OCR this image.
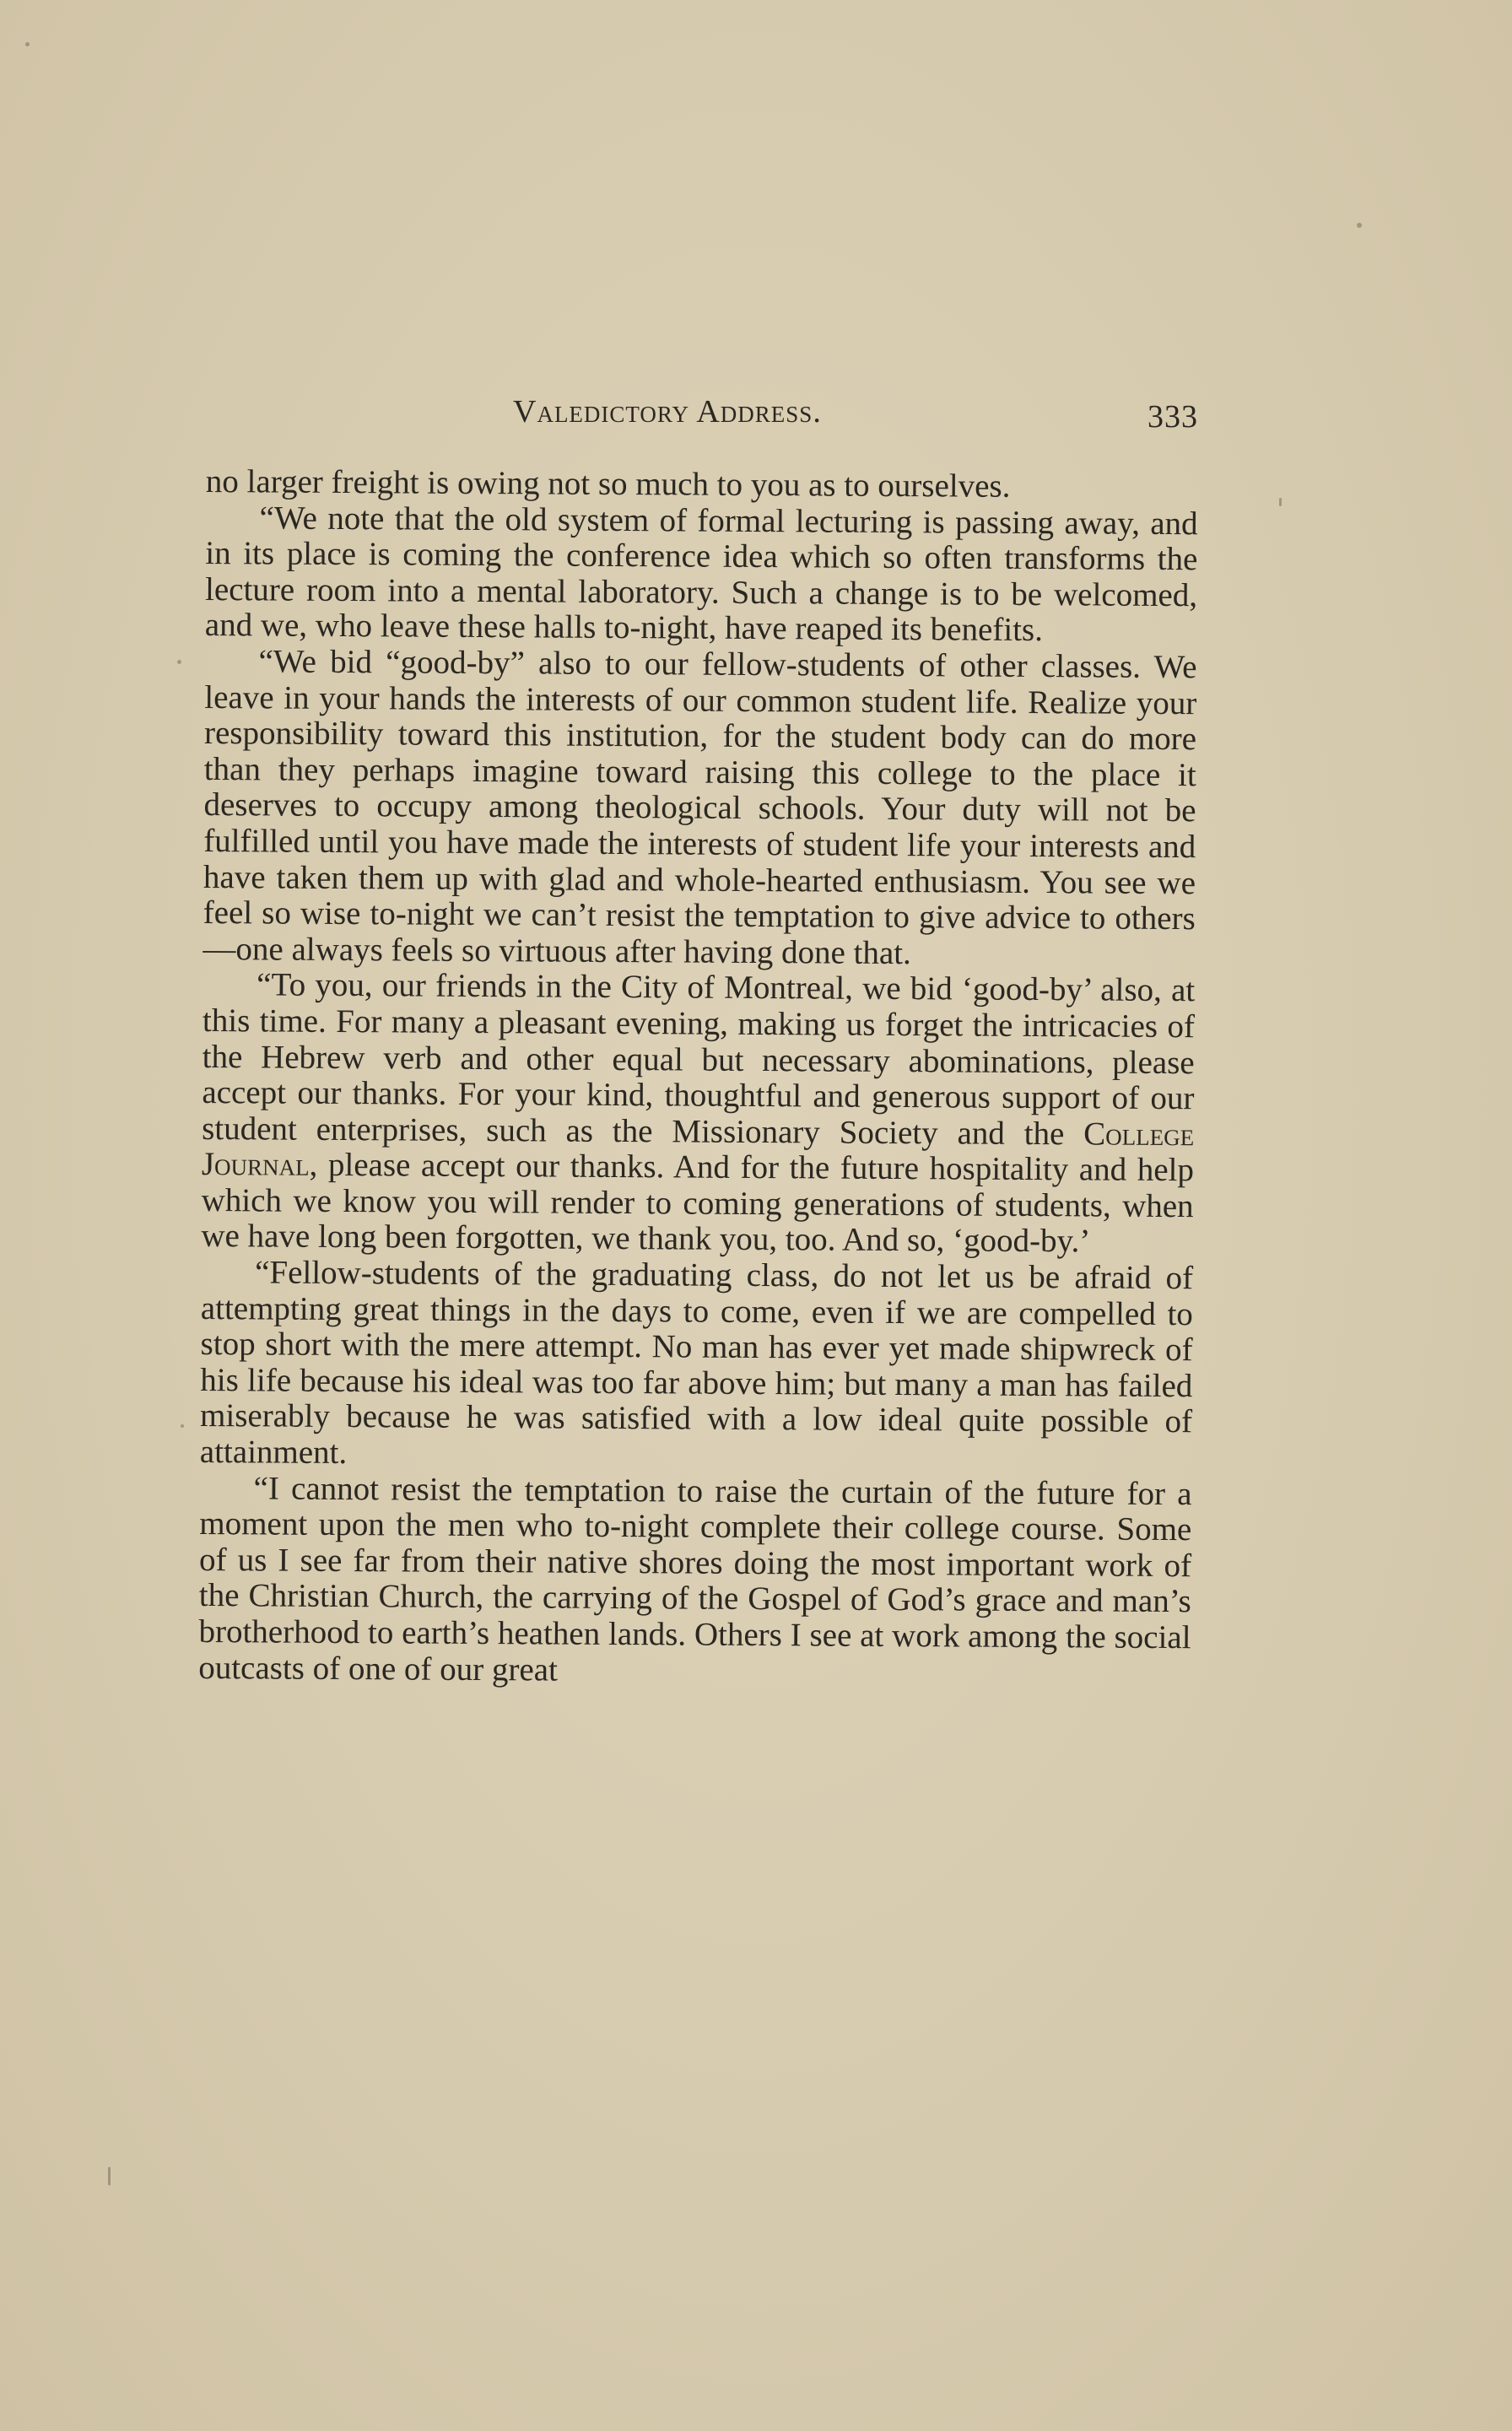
Valedictory Address.	333

no larger freight is owing not so much to you as to ourselves.

“We note that the old system of formal lecturing is passing away, and in its place is coming the conference idea which so often transforms the lecture room into a mental laboratory. Such a change is to be welcomed, and we, who leave these halls to-night, have reaped its benefits.

“We bid “good-by” also to our fellow-students of other classes. We leave in your hands the interests of our common student life. Realize your responsibility toward this institution, for the student body can do more than they perhaps imagine toward raising this college to the place it deserves to occupy among theological schools. Your duty will not be fulfilled until you have made the interests of student life your interests and have taken them up with glad and whole-hearted enthusiasm. You see we feel so wise to-night we can’t resist the temptation to give advice to others—one always feels so virtuous after having done that.

“To you, our friends in the City of Montreal, we bid ‘good-by’ also, at this time. For many a pleasant evening, making us forget the intricacies of the Hebrew verb and other equal but necessary abominations, please accept our thanks. For your kind, thoughtful and generous support of our student enterprises, such as the Missionary Society and the College Journal, please accept our thanks. And for the future hospitality and help which we know you will render to coming generations of students, when we have long been forgotten, we thank you, too. And so, ‘good-by.’

“Fellow-students of the graduating class, do not let us be afraid of attempting great things in the days to come, even if we are compelled to stop short with the mere attempt. No man has ever yet made shipwreck of his life because his ideal was too far above him; but many a man has failed miserably because he was satisfied with a low ideal quite possible of attainment.

“I cannot resist the temptation to raise the curtain of the future for a moment upon the men who to-night complete their college course. Some of us I see far from their native shores doing the most important work of the Christian Church, the carrying of the Gospel of God’s grace and man’s brotherhood to earth’s heathen lands. Others I see at work among the social outcasts of one of our great
